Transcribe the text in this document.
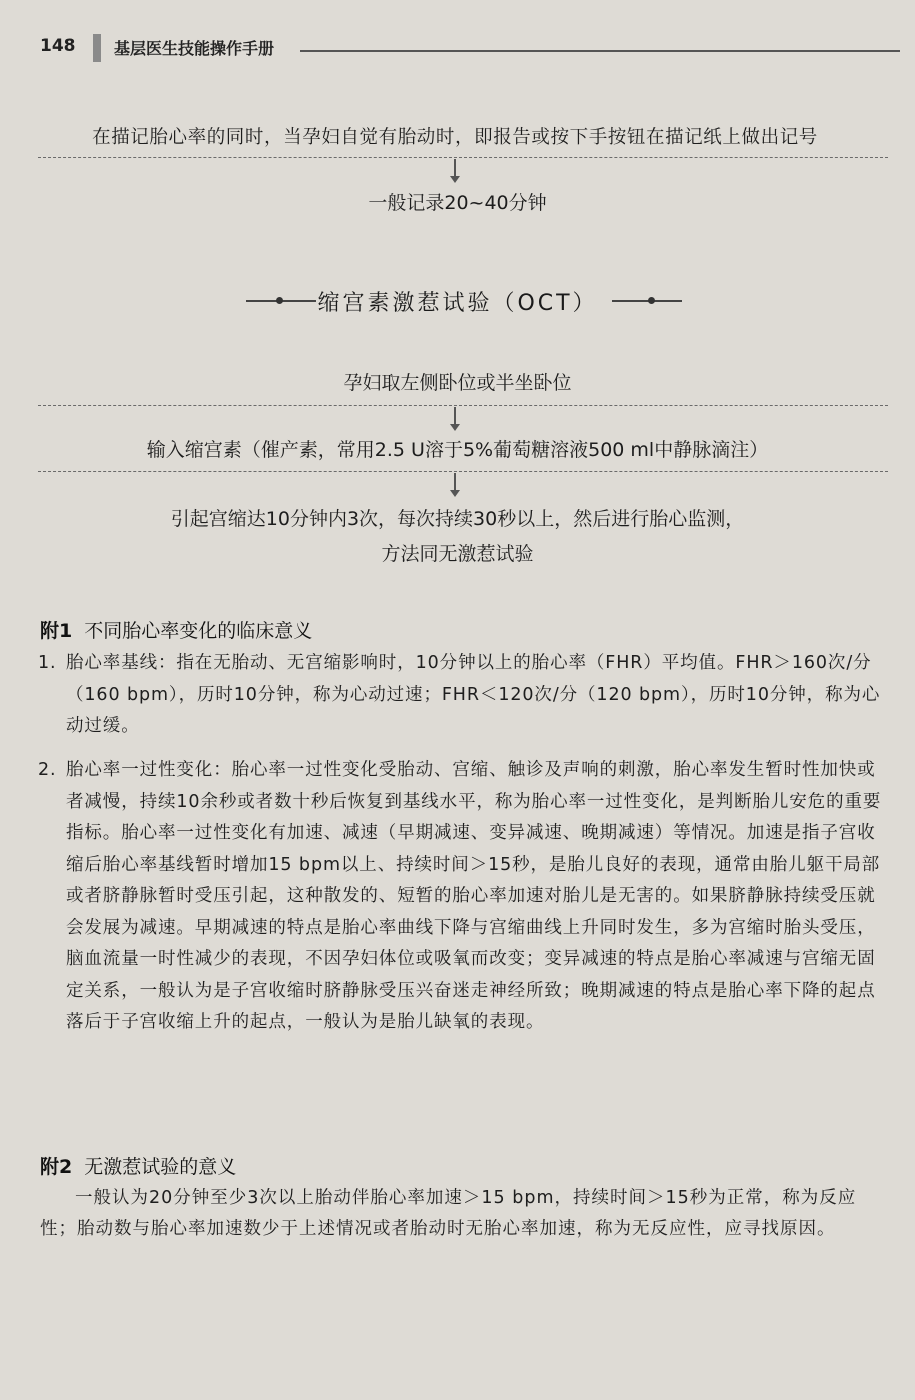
148 基层医生技能操作手册
在描记胎心率的同时，当孕妇自觉有胎动时，即报告或按下手按钮在描记纸上做出记号
一般记录20~40分钟
缩宫素激惹试验（OCT）
孕妇取左侧卧位或半坐卧位
输入缩宫素（催产素，常用2.5 U溶于5%葡萄糖溶液500 ml中静脉滴注）
引起宫缩达10分钟内3次，每次持续30秒以上，然后进行胎心监测，
方法同无激惹试验
附1 不同胎心率变化的临床意义
1. 胎心率基线：指在无胎动、无宫缩影响时，10分钟以上的胎心率（FHR）平均值。FHR＞160次/分（160 bpm），历时10分钟，称为心动过速；FHR＜120次/分（120 bpm），历时10分钟，称为心动过缓。
2. 胎心率一过性变化：胎心率一过性变化受胎动、宫缩、触诊及声响的刺激，胎心率发生暂时性加快或者减慢，持续10余秒或者数十秒后恢复到基线水平，称为胎心率一过性变化，是判断胎儿安危的重要指标。胎心率一过性变化有加速、减速（早期减速、变异减速、晚期减速）等情况。加速是指子宫收缩后胎心率基线暂时增加15 bpm以上、持续时间＞15秒，是胎儿良好的表现，通常由胎儿躯干局部或者脐静脉暂时受压引起，这种散发的、短暂的胎心率加速对胎儿是无害的。如果脐静脉持续受压就会发展为减速。早期减速的特点是胎心率曲线下降与宫缩曲线上升同时发生，多为宫缩时胎头受压，脑血流量一时性减少的表现，不因孕妇体位或吸氧而改变；变异减速的特点是胎心率减速与宫缩无固定关系，一般认为是子宫收缩时脐静脉受压兴奋迷走神经所致；晚期减速的特点是胎心率下降的起点落后于子宫收缩上升的起点，一般认为是胎儿缺氧的表现。
附2 无激惹试验的意义
一般认为20分钟至少3次以上胎动伴胎心率加速＞15 bpm，持续时间＞15秒为正常，称为反应性；胎动数与胎心率加速数少于上述情况或者胎动时无胎心率加速，称为无反应性，应寻找原因。
